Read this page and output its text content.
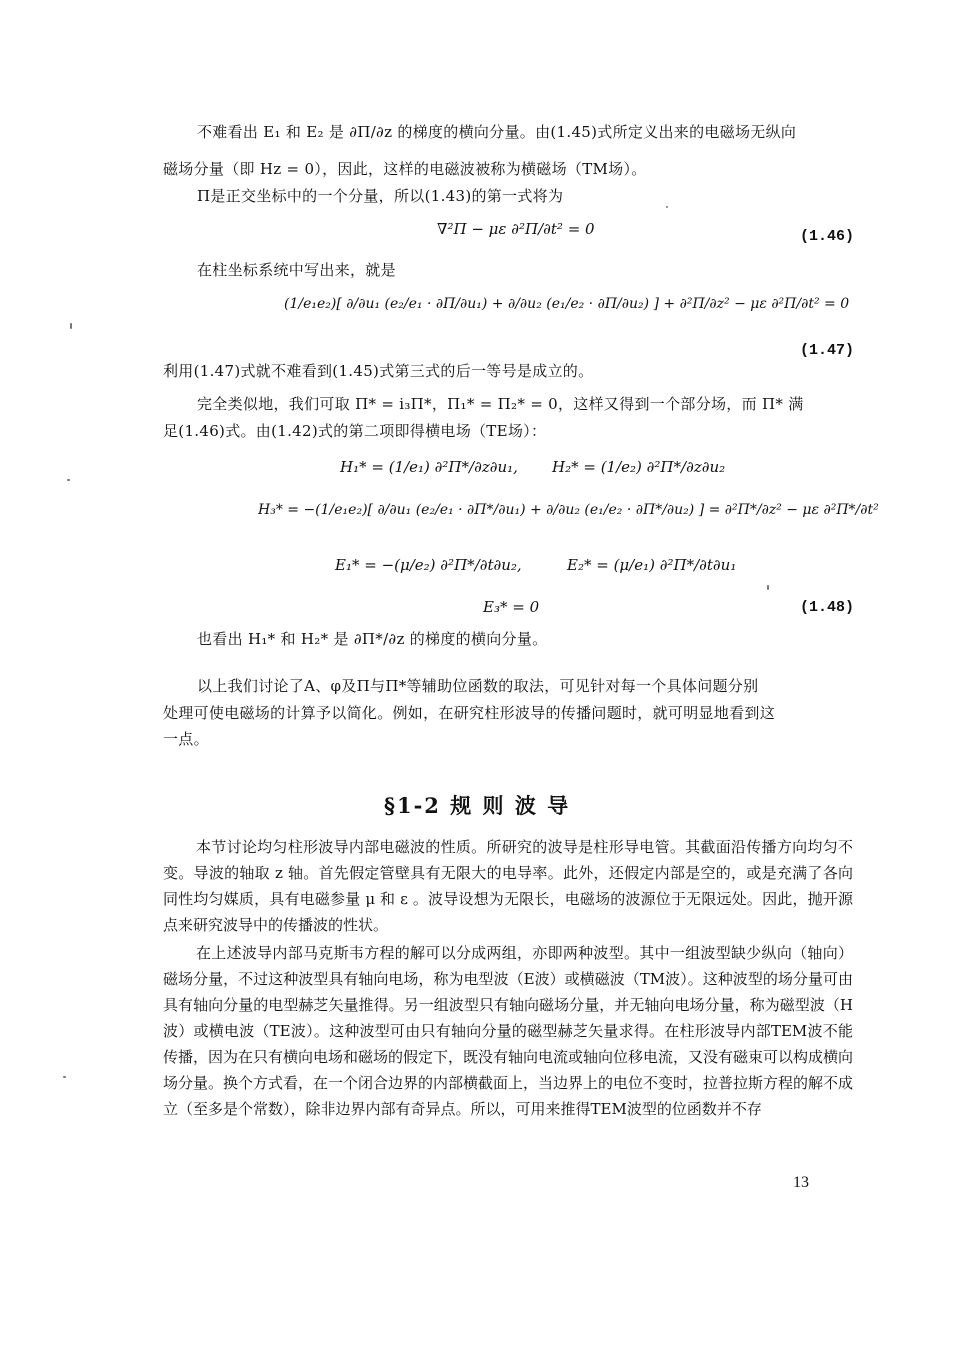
不难看出 E₁ 和 E₂ 是 ∂Π/∂z 的梯度的横向分量。由(1.45)式所定义出来的电磁场无纵向
磁场分量（即 Hz = 0），因此，这样的电磁波被称为横磁场（TM场）。
Π是正交坐标中的一个分量，所以(1.43)的第一式将为
∇²Π − με ∂²Π/∂t² = 0	(1.46)
在柱坐标系统中写出来，就是
(1/e₁e₂)[ ∂/∂u₁ (e₂/e₁ · ∂Π/∂u₁) + ∂/∂u₂ (e₁/e₂ · ∂Π/∂u₂) ] + ∂²Π/∂z² − με ∂²Π/∂t² = 0
(1.47)
利用(1.47)式就不难看到(1.45)式第三式的后一等号是成立的。
完全类似地，我们可取 Π* = i₃Π*，Π₁* = Π₂* = 0，这样又得到一个部分场，而 Π* 满
足(1.46)式。由(1.42)式的第二项即得横电场（TE场）：
H₁* = (1/e₁) ∂²Π*/∂z∂u₁, H₂* = (1/e₂) ∂²Π*/∂z∂u₂
H₃* = −(1/e₁e₂)[ ∂/∂u₁ (e₂/e₁ · ∂Π*/∂u₁) + ∂/∂u₂ (e₁/e₂ · ∂Π*/∂u₂) ] = ∂²Π*/∂z² − με ∂²Π*/∂t²
E₁* = −(μ/e₂) ∂²Π*/∂t∂u₂,	E₂* = (μ/e₁) ∂²Π*/∂t∂u₁
E₃* = 0	(1.48)
也看出 H₁* 和 H₂* 是 ∂Π*/∂z 的梯度的横向分量。
以上我们讨论了A、φ及Π与Π*等辅助位函数的取法，可见针对每一个具体问题分别
处理可使电磁场的计算予以简化。例如，在研究柱形波导的传播问题时，就可明显地看到这
一点。
§1-2 规 则 波 导
本节讨论均匀柱形波导内部电磁波的性质。所研究的波导是柱形导电管。其截面沿传播方向均匀不变。导波的轴取 z 轴。首先假定管壁具有无限大的电导率。此外，还假定内部是空的，或是充满了各向同性均匀媒质，具有电磁参量 μ 和 ε 。波导设想为无限长，电磁场的波源位于无限远处。因此，抛开源点来研究波导中的传播波的性状。
在上述波导内部马克斯韦方程的解可以分成两组，亦即两种波型。其中一组波型缺少纵向（轴向）磁场分量，不过这种波型具有轴向电场，称为电型波（E波）或横磁波（TM波）。这种波型的场分量可由具有轴向分量的电型赫芝矢量推得。另一组波型只有轴向磁场分量，并无轴向电场分量，称为磁型波（H波）或横电波（TE波）。这种波型可由只有轴向分量的磁型赫芝矢量求得。在柱形波导内部TEM波不能传播，因为在只有横向电场和磁场的假定下，既没有轴向电流或轴向位移电流，又没有磁束可以构成横向场分量。换个方式看，在一个闭合边界的内部横截面上，当边界上的电位不变时，拉普拉斯方程的解不成立（至多是个常数），除非边界内部有奇异点。所以，可用来推得TEM波型的位函数并不存
13
